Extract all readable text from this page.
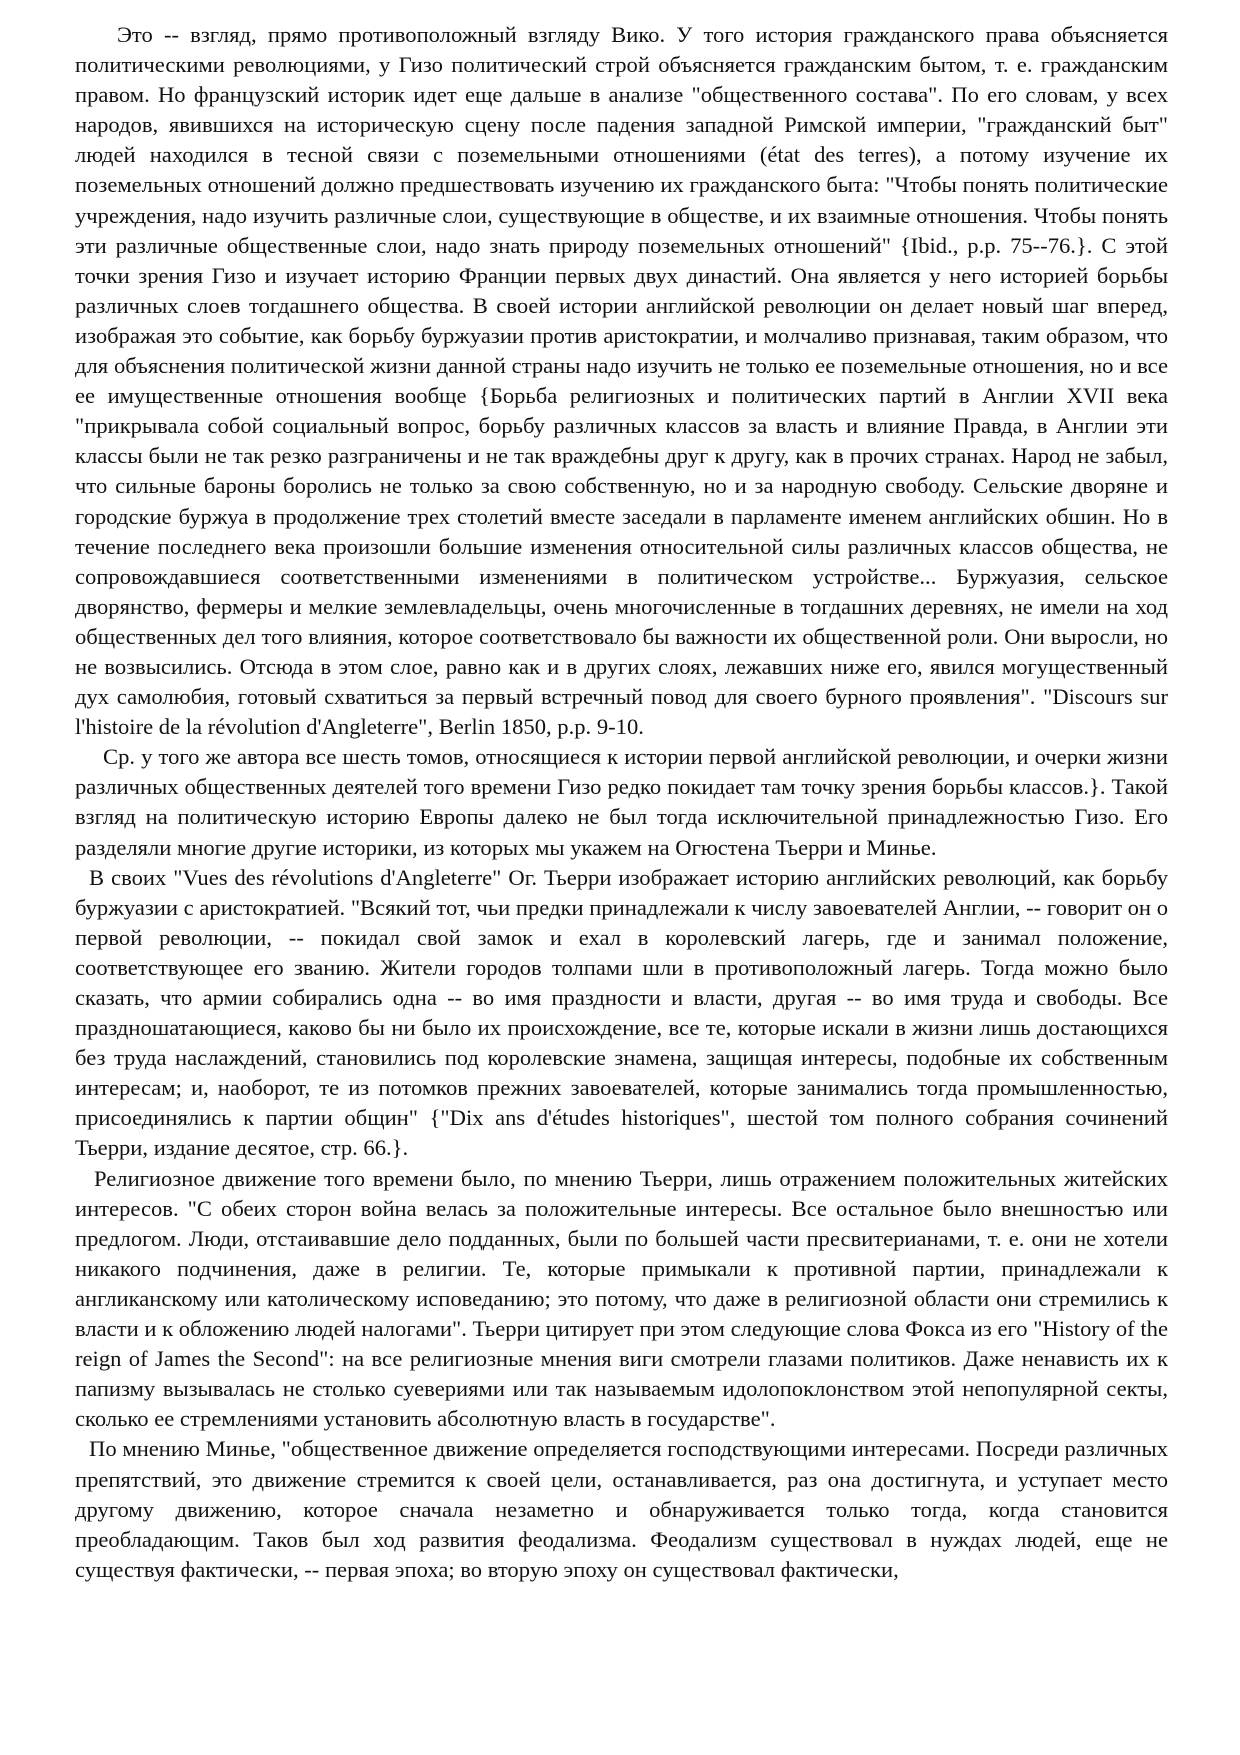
Это -- взгляд, прямо противоположный взгляду Вико. У того история гражданского права объясняется политическими революциями, у Гизо политический строй объясняется гражданским бытом, т. е. гражданским правом. Но французский историк идет еще дальше в анализе "общественного состава". По его словам, у всех народов, явившихся на историческую сцену после падения западной Римской империи, "гражданский быт" людей находился в тесной связи с поземельными отношениями (état des terres), а потому изучение их поземельных отношений должно предшествовать изучению их гражданского быта: "Чтобы понять политические учреждения, надо изучить различные слои, существующие в обществе, и их взаимные отношения. Чтобы понять эти различные общественные слои, надо знать природу поземельных отношений" {Ibid., p.p. 75--76.}. С этой точки зрения Гизо и изучает историю Франции первых двух династий. Она является у него историей борьбы различных слоев тогдашнего общества. В своей истории английской революции он делает новый шаг вперед, изображая это событие, как борьбу буржуазии против аристократии, и молчаливо признавая, таким образом, что для объяснения политической жизни данной страны надо изучить не только ее поземельные отношения, но и все ее имущественные отношения вообще {Борьба религиозных и политических партий в Англии XVII века "прикрывала собой социальный вопрос, борьбу различных классов за власть и влияние Правда, в Англии эти классы были не так резко разграничены и не так враждебны друг к другу, как в прочих странах. Народ не забыл, что сильные бароны боролись не только за свою собственную, но и за народную свободу. Сельские дворяне и городские буржуа в продолжение трех столетий вместе заседали в парламенте именем английских обшин. Но в течение последнего века произошли большие изменения относительной силы различных классов общества, не сопровождавшиеся соответственными изменениями в политическом устройстве... Буржуазия, сельское дворянство, фермеры и мелкие землевладельцы, очень многочисленные в тогдашних деревнях, не имели на ход общественных дел того влияния, которое соответствовало бы важности их общественной роли. Они выросли, но не возвысились. Отсюда в этом слое, равно как и в других слоях, лежавших ниже его, явился могущественный дух самолюбия, готовый схватиться за первый встречный повод для своего бурного проявления". "Discours sur l'histoire de la révolution d'Angleterre", Berlin 1850, p.p. 9-10.

Ср. у того же автора все шесть томов, относящиеся к истории первой английской революции, и очерки жизни различных общественных деятелей того времени Гизо редко покидает там точку зрения борьбы классов.}. Такой взгляд на политическую историю Европы далеко не был тогда исключительной принадлежностью Гизо. Его разделяли многие другие историки, из которых мы укажем на Огюстена Тьерри и Минье.

В своих "Vues des révolutions d'Angleterre" Ог. Тьерри изображает историю английских революций, как борьбу буржуазии с аристократией. "Всякий тот, чьи предки принадлежали к числу завоевателей Англии, -- говорит он о первой революции, -- покидал свой замок и ехал в королевский лагерь, где и занимал положение, соответствующее его званию. Жители городов толпами шли в противоположный лагерь. Тогда можно было сказать, что армии собирались одна -- во имя праздности и власти, другая -- во имя труда и свободы. Все праздношатающиеся, каково бы ни было их происхождение, все те, которые искали в жизни лишь достающихся без труда наслаждений, становились под королевские знамена, защищая интересы, подобные их собственным интересам; и, наоборот, те из потомков прежних завоевателей, которые занимались тогда промышленностью, присоединялись к партии общин" {"Dix ans d'études historiques", шестой том полного собрания сочинений Тьерри, издание десятое, стр. 66.}.

Религиозное движение того времени было, по мнению Тьерри, лишь отражением положительных житейских интересов. "С обеих сторон война велась за положительные интересы. Все остальное было внешностъю или предлогом. Люди, отстаивавшие дело подданных, были по большей части пресвитерианами, т. е. они не хотели никакого подчинения, даже в религии. Те, которые примыкали к противной партии, принадлежали к англиканскому или католическому исповеданию; это потому, что даже в религиозной области они стремились к власти и к обложению людей налогами". Тьерри цитирует при этом следующие слова Фокса из его "History of the reign of James the Second": на все религиозные мнения виги смотрели глазами политиков. Даже ненависть их к папизму вызывалась не столько суевериями или так называемым идолопоклонством этой непопулярной секты, сколько ее стремлениями установить абсолютную власть в государстве".

По мнению Минье, "общественное движение определяется господствующими интересами. Посреди различных препятствий, это движение стремится к своей цели, останавливается, раз она достигнута, и уступает место другому движению, которое сначала незаметно и обнаруживается только тогда, когда становится преобладающим. Таков был ход развития феодализма. Феодализм существовал в нуждах людей, еще не существуя фактически, -- первая эпоха; во вторую эпоху он существовал фактически,
